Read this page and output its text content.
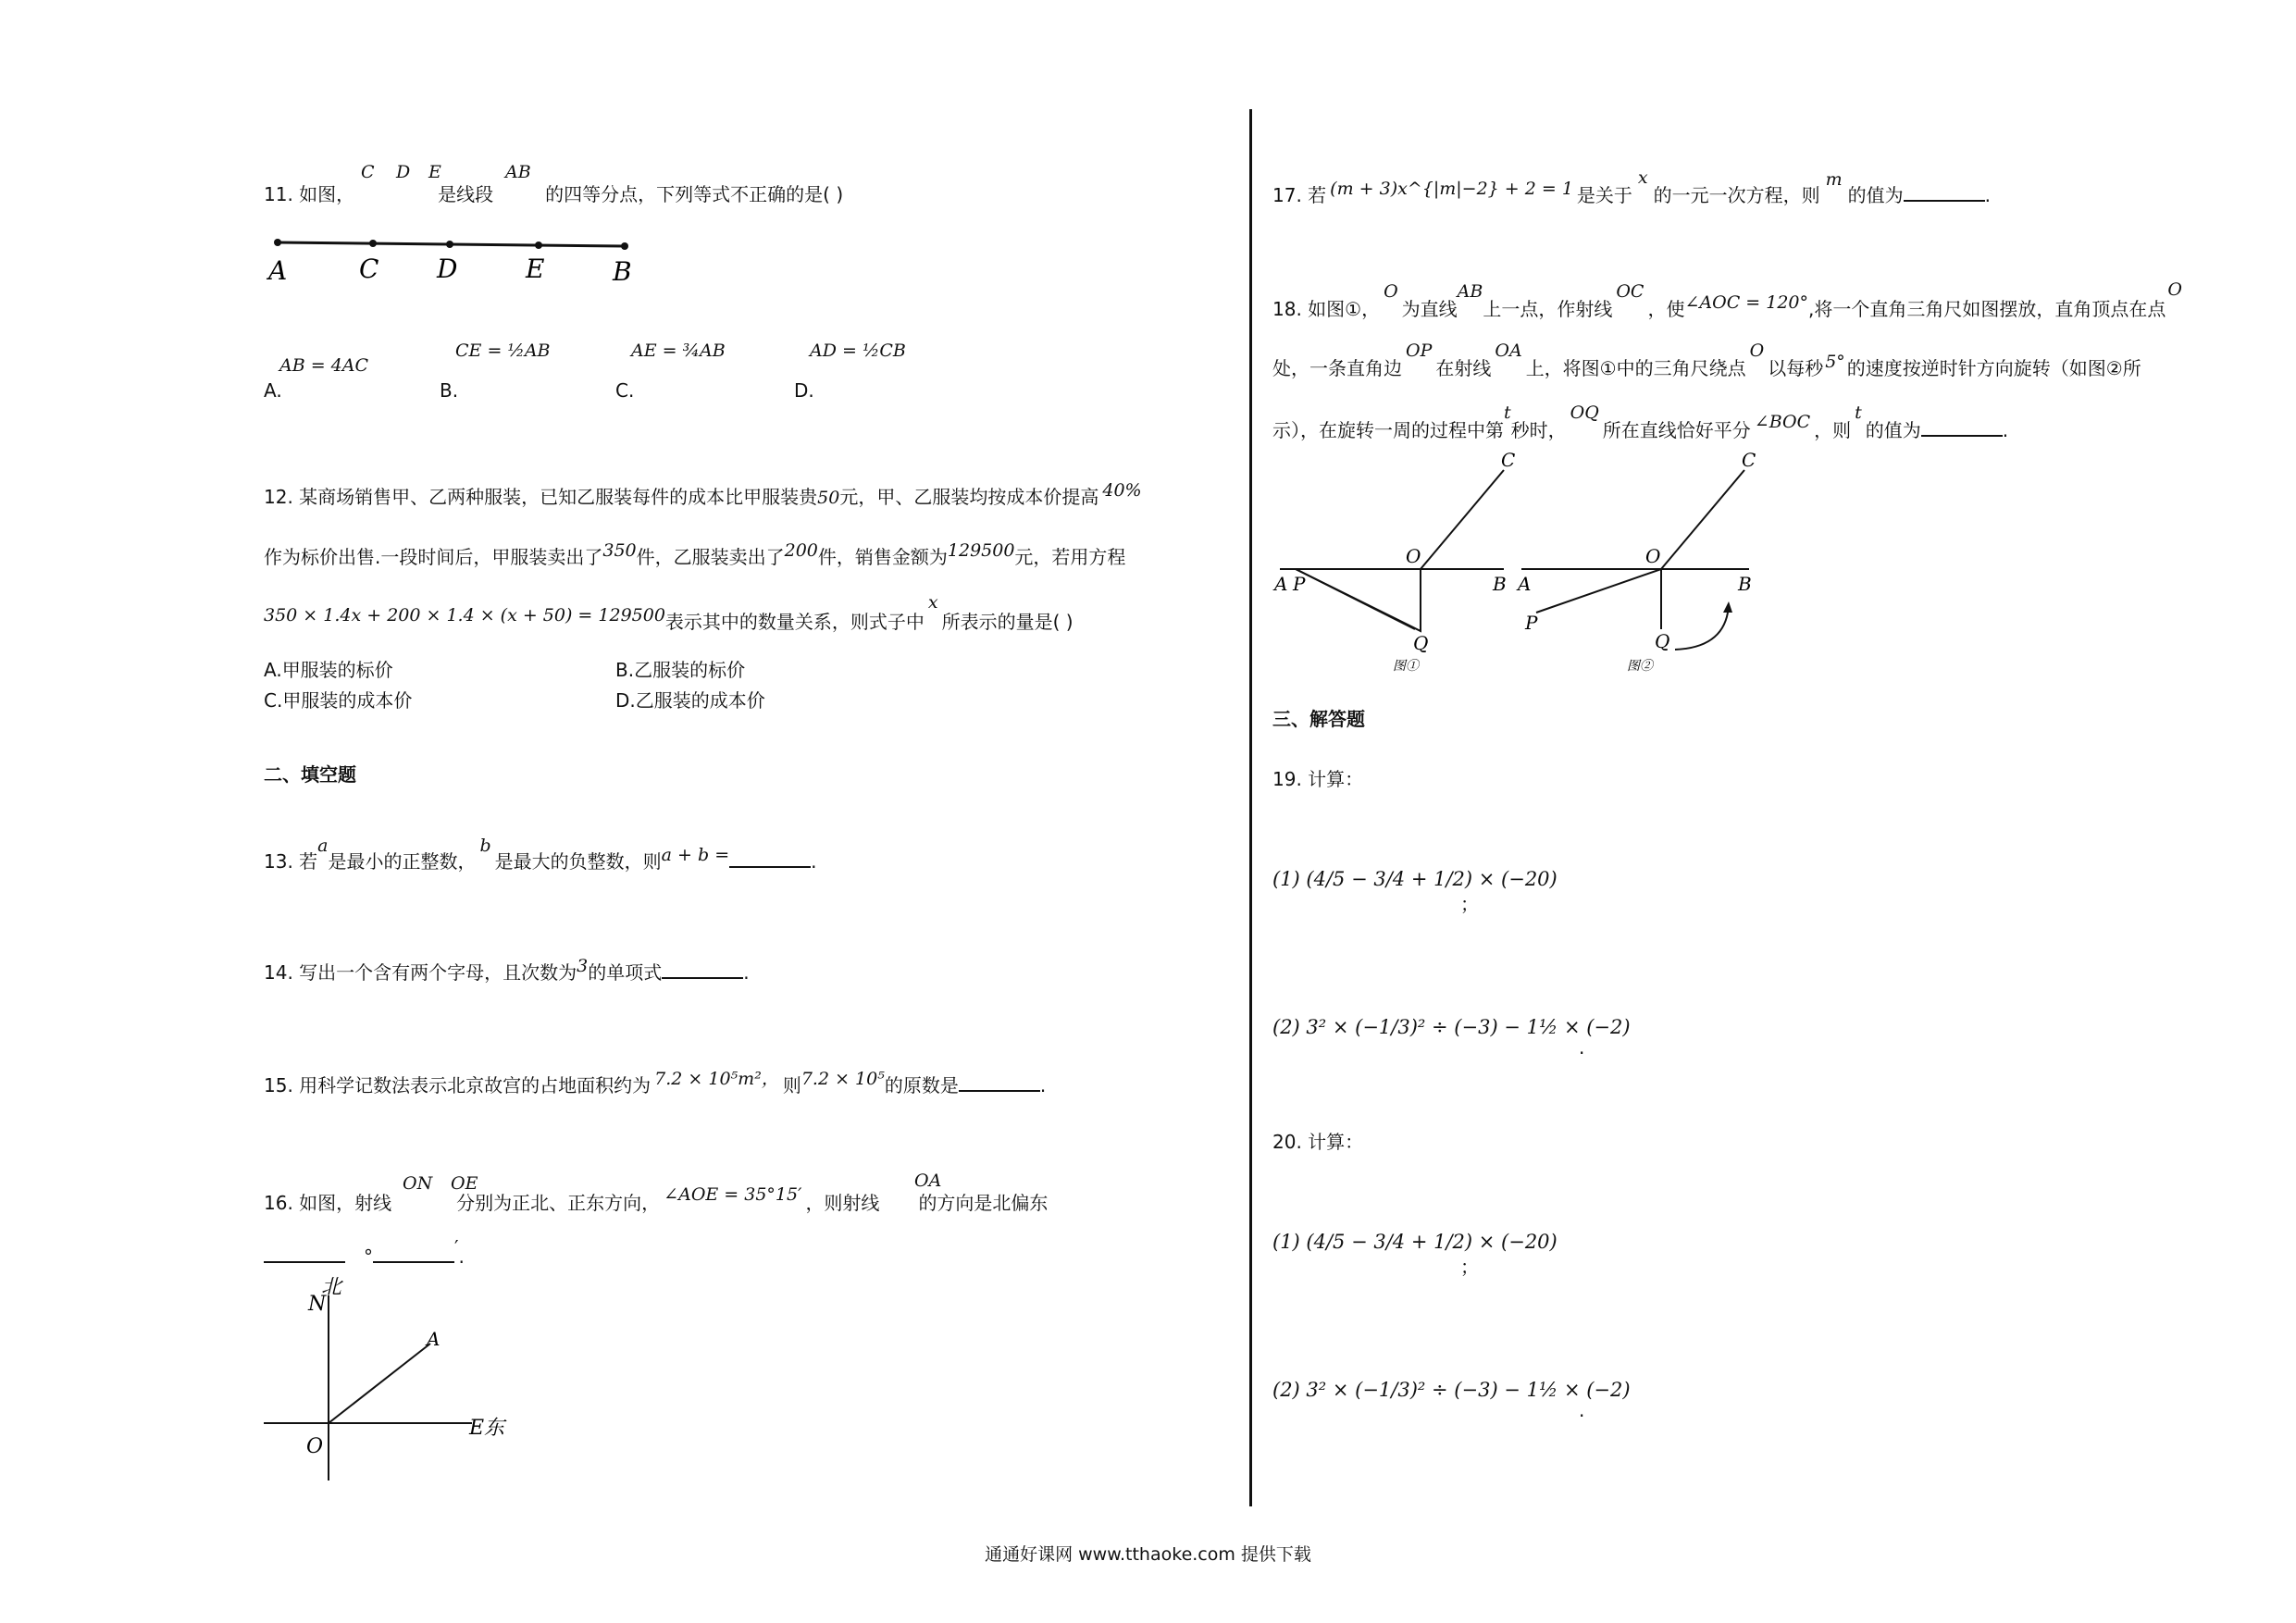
11. 如图，	是线段	的四等分点，下列等式不正确的是( )
C D E	AB
A	C D	E	B
AB = 4AC
A.
CE = ½AB
B.
AE = ¾AB
C.
AD = ½CB
D.
12. 某商场销售甲、乙两种服装，已知乙服装每件的成本比甲服装贵50元，甲、乙服装均按成本价提高 40%
作为标价出售.一段时间后，甲服装卖出了350件，乙服装卖出了200件，销售金额为129500元，若用方程
350 × 1.4x + 200 × 1.4 × (x + 50) = 129500表示其中的数量关系，则式子中x所表示的量是( )
A.甲服装的标价	B.乙服装的标价
C.甲服装的成本价	D.乙服装的成本价
二、填空题
13. 若a是最小的正整数，b是最大的负整数，则a + b =	.
14. 写出一个含有两个字母，且次数为3的单项式	.
15. 用科学记数法表示北京故宫的占地面积约为 7.2 × 10⁵m²， 则7.2 × 10⁵的原数是	.
16. 如图，射线	分别为正北、正东方向， ∠AOE = 35°15′ ，则射线 的方向是北偏东
ON OE	OA
°	′.
北
N
A
O
E 东
17. 若 (m + 3)x^{|m|−2} + 2 = 1 是关于x的一元一次方程，则m的值为	.
18. 如图①，O为直线AB上一点，作射线OC，使∠AOC = 120°,将一个直角三角尺如图摆放，直角顶点在点O
处，一条直角边OP在射线OA上，将图①中的三角尺绕点O以每秒 5° 的速度按逆时针方向旋转（如图②所
示），在旋转一周的过程中第t秒时，OQ所在直线恰好平分 ∠BOC ，则t的值为	.
C
O
A P	B
Q
图①
C
O
A	B
P
Q
图②
三、解答题
19. 计算：
(1) (4/5 − 3/4 + 1/2) × (−20)
；
(2) 3² × (−1/3)² ÷ (−3) − 1½ × (−2)
.
20. 计算：
(1) (4/5 − 3/4 + 1/2) × (−20)
；
(2) 3² × (−1/3)² ÷ (−3) − 1½ × (−2)
.
通通好课网 www.tthaoke.com 提供下载
